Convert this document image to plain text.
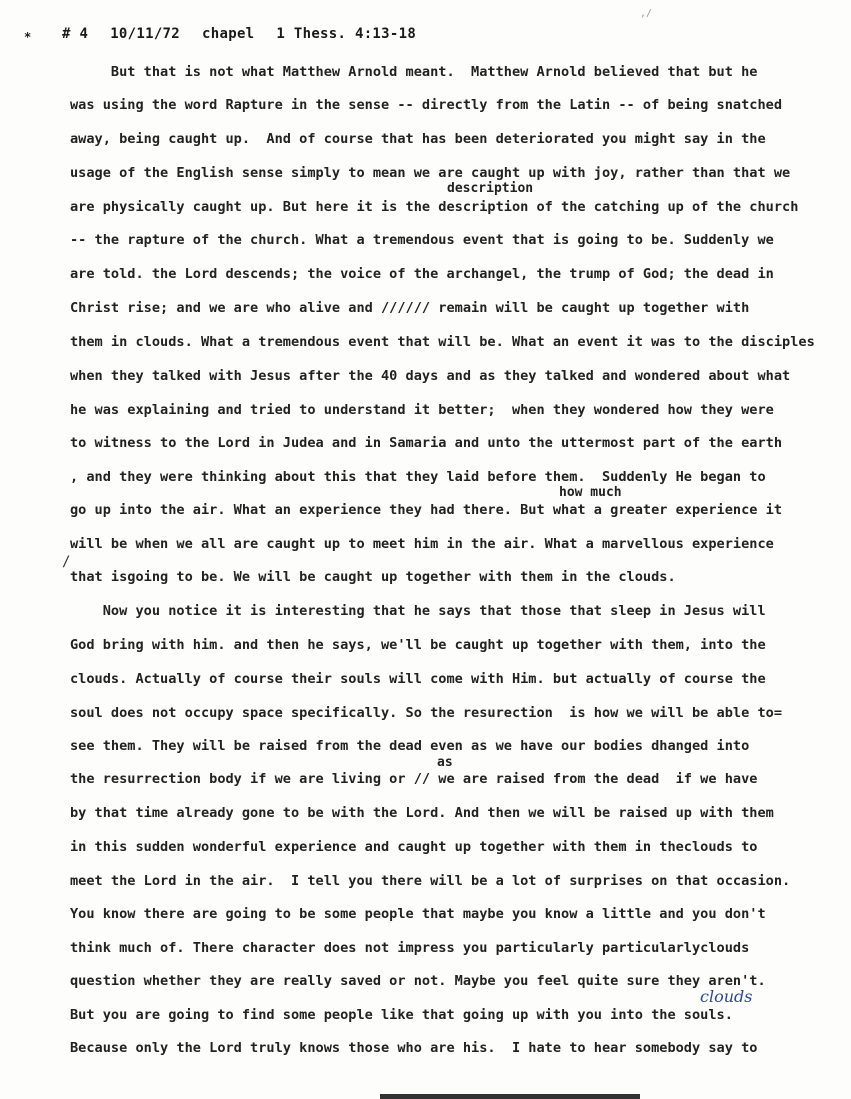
,/
* # 4 10/11/72 chapel 1 Thess. 4:13-18
description
how much
as
clouds
/
But that is not what Matthew Arnold meant.  Matthew Arnold believed that but he
was using the word Rapture in the sense -- directly from the Latin -- of being snatched
away, being caught up.  And of course that has been deteriorated you might say in the
usage of the English sense simply to mean we are caught up with joy, rather than that we
are physically caught up. But here it is the description of the catching up of the church
-- the rapture of the church. What a tremendous event that is going to be. Suddenly we
are told. the Lord descends; the voice of the archangel, the trump of God; the dead in
Christ rise; and we are who alive and ////// remain will be caught up together with
them in clouds. What a tremendous event that will be. What an event it was to the disciples
when they talked with Jesus after the 40 days and as they talked and wondered about what
he was explaining and tried to understand it better;  when they wondered how they were
to witness to the Lord in Judea and in Samaria and unto the uttermost part of the earth
, and they were thinking about this that they laid before them.  Suddenly He began to
go up into the air. What an experience they had there. But what a greater experience it
will be when we all are caught up to meet him in the air. What a marvellous experience
that isgoing to be. We will be caught up together with them in the clouds.
Now you notice it is interesting that he says that those that sleep in Jesus will
God bring with him. and then he says, we'll be caught up together with them, into the
clouds. Actually of course their souls will come with Him. but actually of course the
soul does not occupy space specifically. So the resurection  is how we will be able to=
see them. They will be raised from the dead even as we have our bodies dhanged into
the resurrection body if we are living or // we are raised from the dead  if we have
by that time already gone to be with the Lord. And then we will be raised up with them
in this sudden wonderful experience and caught up together with them in theclouds to
meet the Lord in the air.  I tell you there will be a lot of surprises on that occasion.
You know there are going to be some people that maybe you know a little and you don't
think much of. There character does not impress you particularly particularlyclouds
question whether they are really saved or not. Maybe you feel quite sure they aren't.
But you are going to find some people like that going up with you into the souls.
Because only the Lord truly knows those who are his.  I hate to hear somebody say to
